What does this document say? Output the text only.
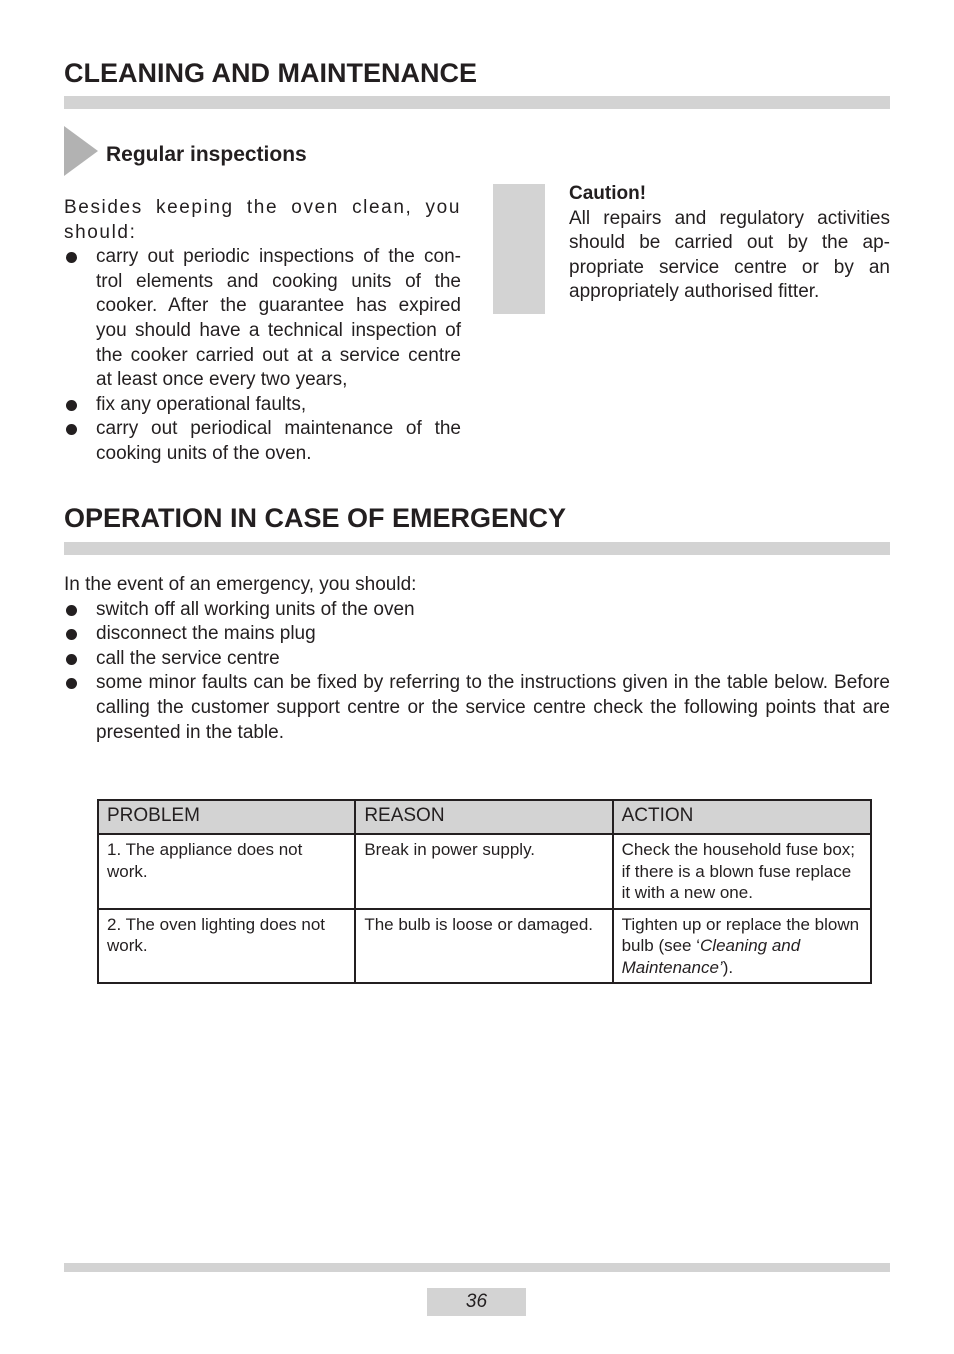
CLEANING AND MAINTENANCE
Regular inspections
Besides keeping the oven clean, you should:
carry out periodic inspections of the con-trol elements and cooking units of the cooker. After the guarantee has expired you should have a technical inspection of the cooker carried out at a service centre at least once every two years,
fix any operational faults,
carry out periodical maintenance of the cooking units of the oven.
Caution!
All repairs and regulatory activities should be carried out by the ap-propriate service centre or by an appropriately authorised fitter.
OPERATION IN CASE OF EMERGENCY
In the event of an emergency, you should:
switch off all working units of the oven
disconnect the mains plug
call the service centre
some minor faults can be fixed by referring to the instructions given in the table below. Before calling the customer support centre or the service centre check the following points that are presented in the table.
PROBLEM	REASON	ACTION
1. The appliance does not work.	Break in power supply.	Check the household fuse box; if there is a blown fuse replace it with a new one.
2. The oven lighting does not work.	The bulb is loose or damaged.	Tighten up or replace the blown bulb (see ‘Cleaning and Maintenance’).
36
